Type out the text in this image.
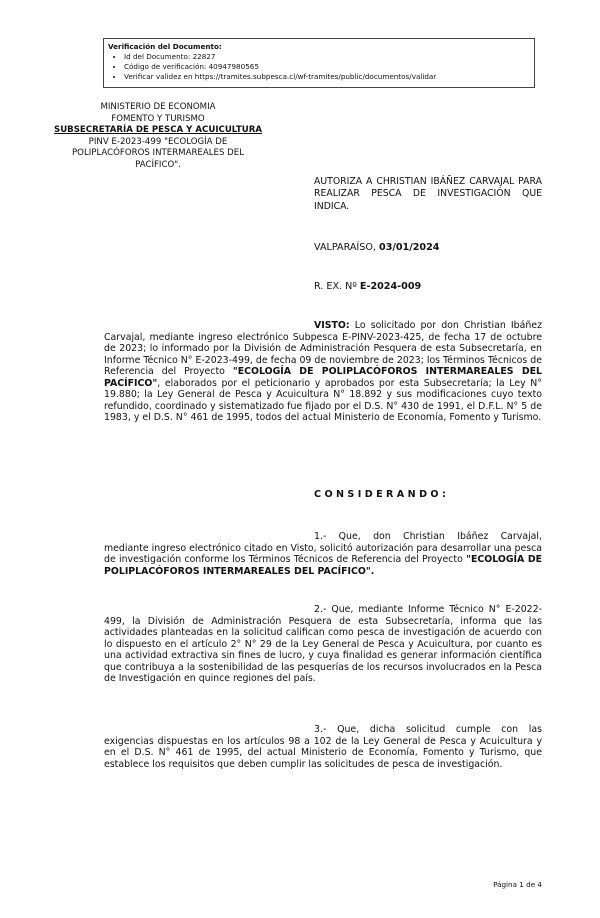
Verificación del Documento:
• Id del Documento: 22827
• Código de verificación: 40947980565
• Verificar validez en https://tramites.subpesca.cl/wf-tramites/public/documentos/validar
MINISTERIO DE ECONOMIA
FOMENTO Y TURISMO
SUBSECRETARÍA DE PESCA Y ACUICULTURA
PINV E-2023-499 "ECOLOGÍA DE
POLIPLACÓFOROS INTERMAREALES DEL
PACÍFICO".
AUTORIZA A CHRISTIAN IBÁÑEZ CARVAJAL PARA REALIZAR PESCA DE INVESTIGACIÓN QUE INDICA.
VALPARAÍSO, 03/01/2024
R. EX. Nº E-2024-009
VISTO: Lo solicitado por don Christian Ibáñez Carvajal, mediante ingreso electrónico Subpesca E-PINV-2023-425, de fecha 17 de octubre de 2023; lo informado por la División de Administración Pesquera de esta Subsecretaría, en Informe Técnico N° E-2023-499, de fecha 09 de noviembre de 2023; los Términos Técnicos de Referencia del Proyecto "ECOLOGÍA DE POLIPLACÓFOROS INTERMAREALES DEL PACÍFICO", elaborados por el peticionario y aprobados por esta Subsecretaría; la Ley N° 19.880; la Ley General de Pesca y Acuicultura N° 18.892 y sus modificaciones cuyo texto refundido, coordinado y sistematizado fue fijado por el D.S. N° 430 de 1991, el D.F.L. N° 5 de 1983, y el D.S. N° 461 de 1995, todos del actual Ministerio de Economía, Fomento y Turismo.
CONSIDERANDO:
1.- Que, don Christian Ibáñez Carvajal, mediante ingreso electrónico citado en Visto, solicitó autorización para desarrollar una pesca de investigación conforme los Términos Técnicos de Referencia del Proyecto "ECOLOGÍA DE POLIPLACÓFOROS INTERMAREALES DEL PACÍFICO".
2.- Que, mediante Informe Técnico N° E-2022-499, la División de Administración Pesquera de esta Subsecretaría, informa que las actividades planteadas en la solicitud califican como pesca de investigación de acuerdo con lo dispuesto en el artículo 2° N° 29 de la Ley General de Pesca y Acuicultura, por cuanto es una actividad extractiva sin fines de lucro, y cuya finalidad es generar información científica que contribuya a la sostenibilidad de las pesquerías de los recursos involucrados en la Pesca de Investigación en quince regiones del país.
3.- Que, dicha solicitud cumple con las exigencias dispuestas en los artículos 98 a 102 de la Ley General de Pesca y Acuicultura y en el D.S. N° 461 de 1995, del actual Ministerio de Economía, Fomento y Turismo, que establece los requisitos que deben cumplir las solicitudes de pesca de investigación.
Página 1 de 4
